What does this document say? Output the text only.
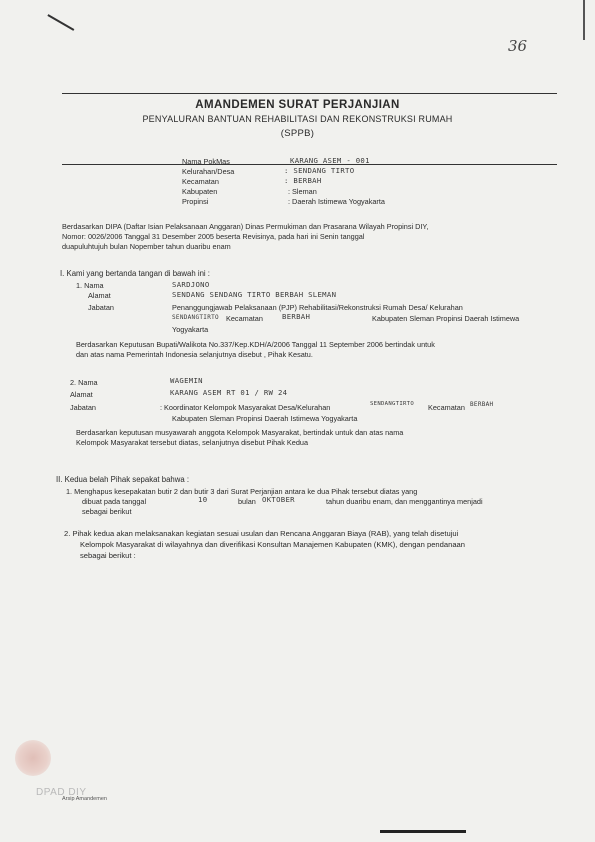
36
AMANDEMEN SURAT PERJANJIAN
PENYALURAN BANTUAN REHABILITASI DAN REKONSTRUKSI RUMAH
(SPPB)
Nama PokMas	KARANG ASEM - 001
Kelurahan/Desa	: SENDANG TIRTO
Kecamatan	: BERBAH
Kabupaten	: Sleman
Propinsi	: Daerah Istimewa Yogyakarta
Berdasarkan DIPA (Daftar Isian Pelaksanaan Anggaran) Dinas Permukiman dan Prasarana Wilayah Propinsi DIY,
Nomor: 0026/2006 Tanggal 31 Desember 2005 beserta Revisinya, pada hari ini Senin tanggal
duapuluhtujuh bulan Nopember tahun duaribu enam
I. Kami yang bertanda tangan di bawah ini :
1. Nama	SARDJONO
Alamat	SENDANG SENDANG TIRTO BERBAH SLEMAN
Jabatan	Penanggungjawab Pelaksanaan (PJP) Rehabilitasi/Rekonstruksi Rumah Desa/ Kelurahan
SENDANGTIRTO Kecamatan	BERBAH	Kabupaten Sleman Propinsi Daerah Istimewa
Yogyakarta
Berdasarkan Keputusan Bupati/Walikota No.337/Kep.KDH/A/2006 Tanggal 11 September 2006 bertindak untuk
dan atas nama Pemerintah Indonesia selanjutnya disebut , Pihak Kesatu.
2. Nama	WAGEMIN
Alamat	KARANG ASEM RT 01 / RW 24
Jabatan	: Koordinator Kelompok Masyarakat Desa/Kelurahan	SENDANGTIRTO Kecamatan BERBAH
Kabupaten Sleman Propinsi Daerah Istimewa Yogyakarta
Berdasarkan keputusan musyawarah anggota Kelompok Masyarakat, bertindak untuk dan atas nama
Kelompok Masyarakat tersebut diatas, selanjutnya disebut Pihak Kedua
II. Kedua belah Pihak sepakat bahwa :
1. Menghapus kesepakatan butir 2 dan butir 3 dari Surat Perjanjian antara ke dua Pihak tersebut diatas yang
dibuat pada tanggal	10	bulan OKTOBER	tahun duaribu enam, dan menggantinya menjadi
sebagai berikut
2. Pihak kedua akan melaksanakan kegiatan sesuai usulan dan Rencana Anggaran Biaya (RAB), yang telah disetujui
Kelompok Masyarakat di wilayahnya dan diverifikasi Konsultan Manajemen Kabupaten (KMK), dengan pendanaan
sebagai berikut :
DPAD DIY
Arsip Amandemen
